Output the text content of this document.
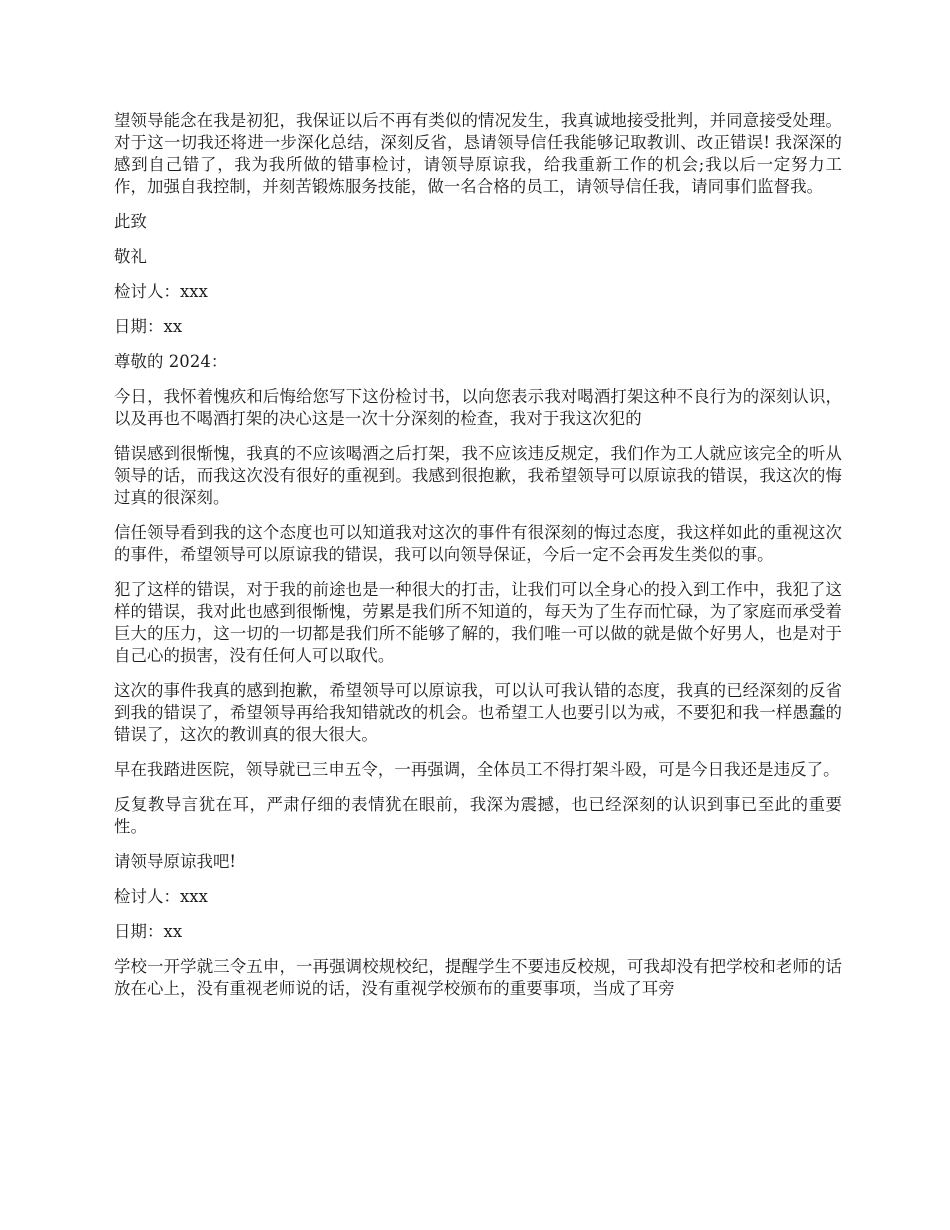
望领导能念在我是初犯，我保证以后不再有类似的情况发生，我真诚地接受批判，并同意接受处理。对于这一切我还将进一步深化总结，深刻反省，恳请领导信任我能够记取教训、改正错误! 我深深的感到自己错了，我为我所做的错事检讨，请领导原谅我，给我重新工作的机会;我以后一定努力工作，加强自我控制，并刻苦锻炼服务技能，做一名合格的员工，请领导信任我，请同事们监督我。

此致

敬礼

检讨人：xxx

日期：xx

尊敬的 2024：

今日，我怀着愧疚和后悔给您写下这份检讨书，以向您表示我对喝酒打架这种不良行为的深刻认识，以及再也不喝酒打架的决心这是一次十分深刻的检查，我对于我这次犯的

错误感到很惭愧，我真的不应该喝酒之后打架，我不应该违反规定，我们作为工人就应该完全的听从领导的话，而我这次没有很好的重视到。我感到很抱歉，我希望领导可以原谅我的错误，我这次的悔过真的很深刻。

信任领导看到我的这个态度也可以知道我对这次的事件有很深刻的悔过态度，我这样如此的重视这次的事件，希望领导可以原谅我的错误，我可以向领导保证，今后一定不会再发生类似的事。

犯了这样的错误，对于我的前途也是一种很大的打击，让我们可以全身心的投入到工作中，我犯了这样的错误，我对此也感到很惭愧，劳累是我们所不知道的，每天为了生存而忙碌，为了家庭而承受着巨大的压力，这一切的一切都是我们所不能够了解的，我们唯一可以做的就是做个好男人，也是对于自己心的损害，没有任何人可以取代。

这次的事件我真的感到抱歉，希望领导可以原谅我，可以认可我认错的态度，我真的已经深刻的反省到我的错误了，希望领导再给我知错就改的机会。也希望工人也要引以为戒，不要犯和我一样愚蠢的错误了，这次的教训真的很大很大。

早在我踏进医院，领导就已三申五令，一再强调，全体员工不得打架斗殴，可是今日我还是违反了。

反复教导言犹在耳，严肃仔细的表情犹在眼前，我深为震撼，也已经深刻的认识到事已至此的重要性。

请领导原谅我吧!

检讨人：xxx

日期：xx

学校一开学就三令五申，一再强调校规校纪，提醒学生不要违反校规，可我却没有把学校和老师的话放在心上，没有重视老师说的话，没有重视学校颁布的重要事项，当成了耳旁
